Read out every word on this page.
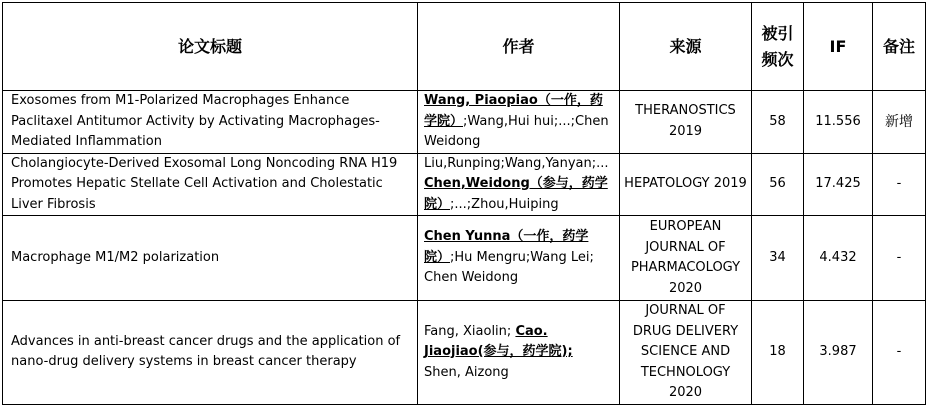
论文标题	作者	来源	被引频次	IF	备注
Exosomes from M1-Polarized Macrophages Enhance Paclitaxel Antitumor Activity by Activating Macrophages-Mediated Inflammation	Wang, Piaopiao（一作，药学院）;Wang,Hui hui;...;Chen Weidong	THERANOSTICS 2019	58	11.556	新增
Cholangiocyte-Derived Exosomal Long Noncoding RNA H19 Promotes Hepatic Stellate Cell Activation and Cholestatic Liver Fibrosis	Liu,Runping;Wang,Yanyan;... Chen,Weidong（参与，药学院）;...;Zhou,Huiping	HEPATOLOGY 2019	56	17.425	-
Macrophage M1/M2 polarization	Chen Yunna（一作，药学院）;Hu Mengru;Wang Lei; Chen Weidong	EUROPEAN JOURNAL OF PHARMACOLOGY 2020	34	4.432	-
Advances in anti-breast cancer drugs and the application of nano-drug delivery systems in breast cancer therapy	Fang, Xiaolin; Cao. Jiaojiao(参与，药学院); Shen, Aizong	JOURNAL OF DRUG DELIVERY SCIENCE AND TECHNOLOGY 2020	18	3.987	-
